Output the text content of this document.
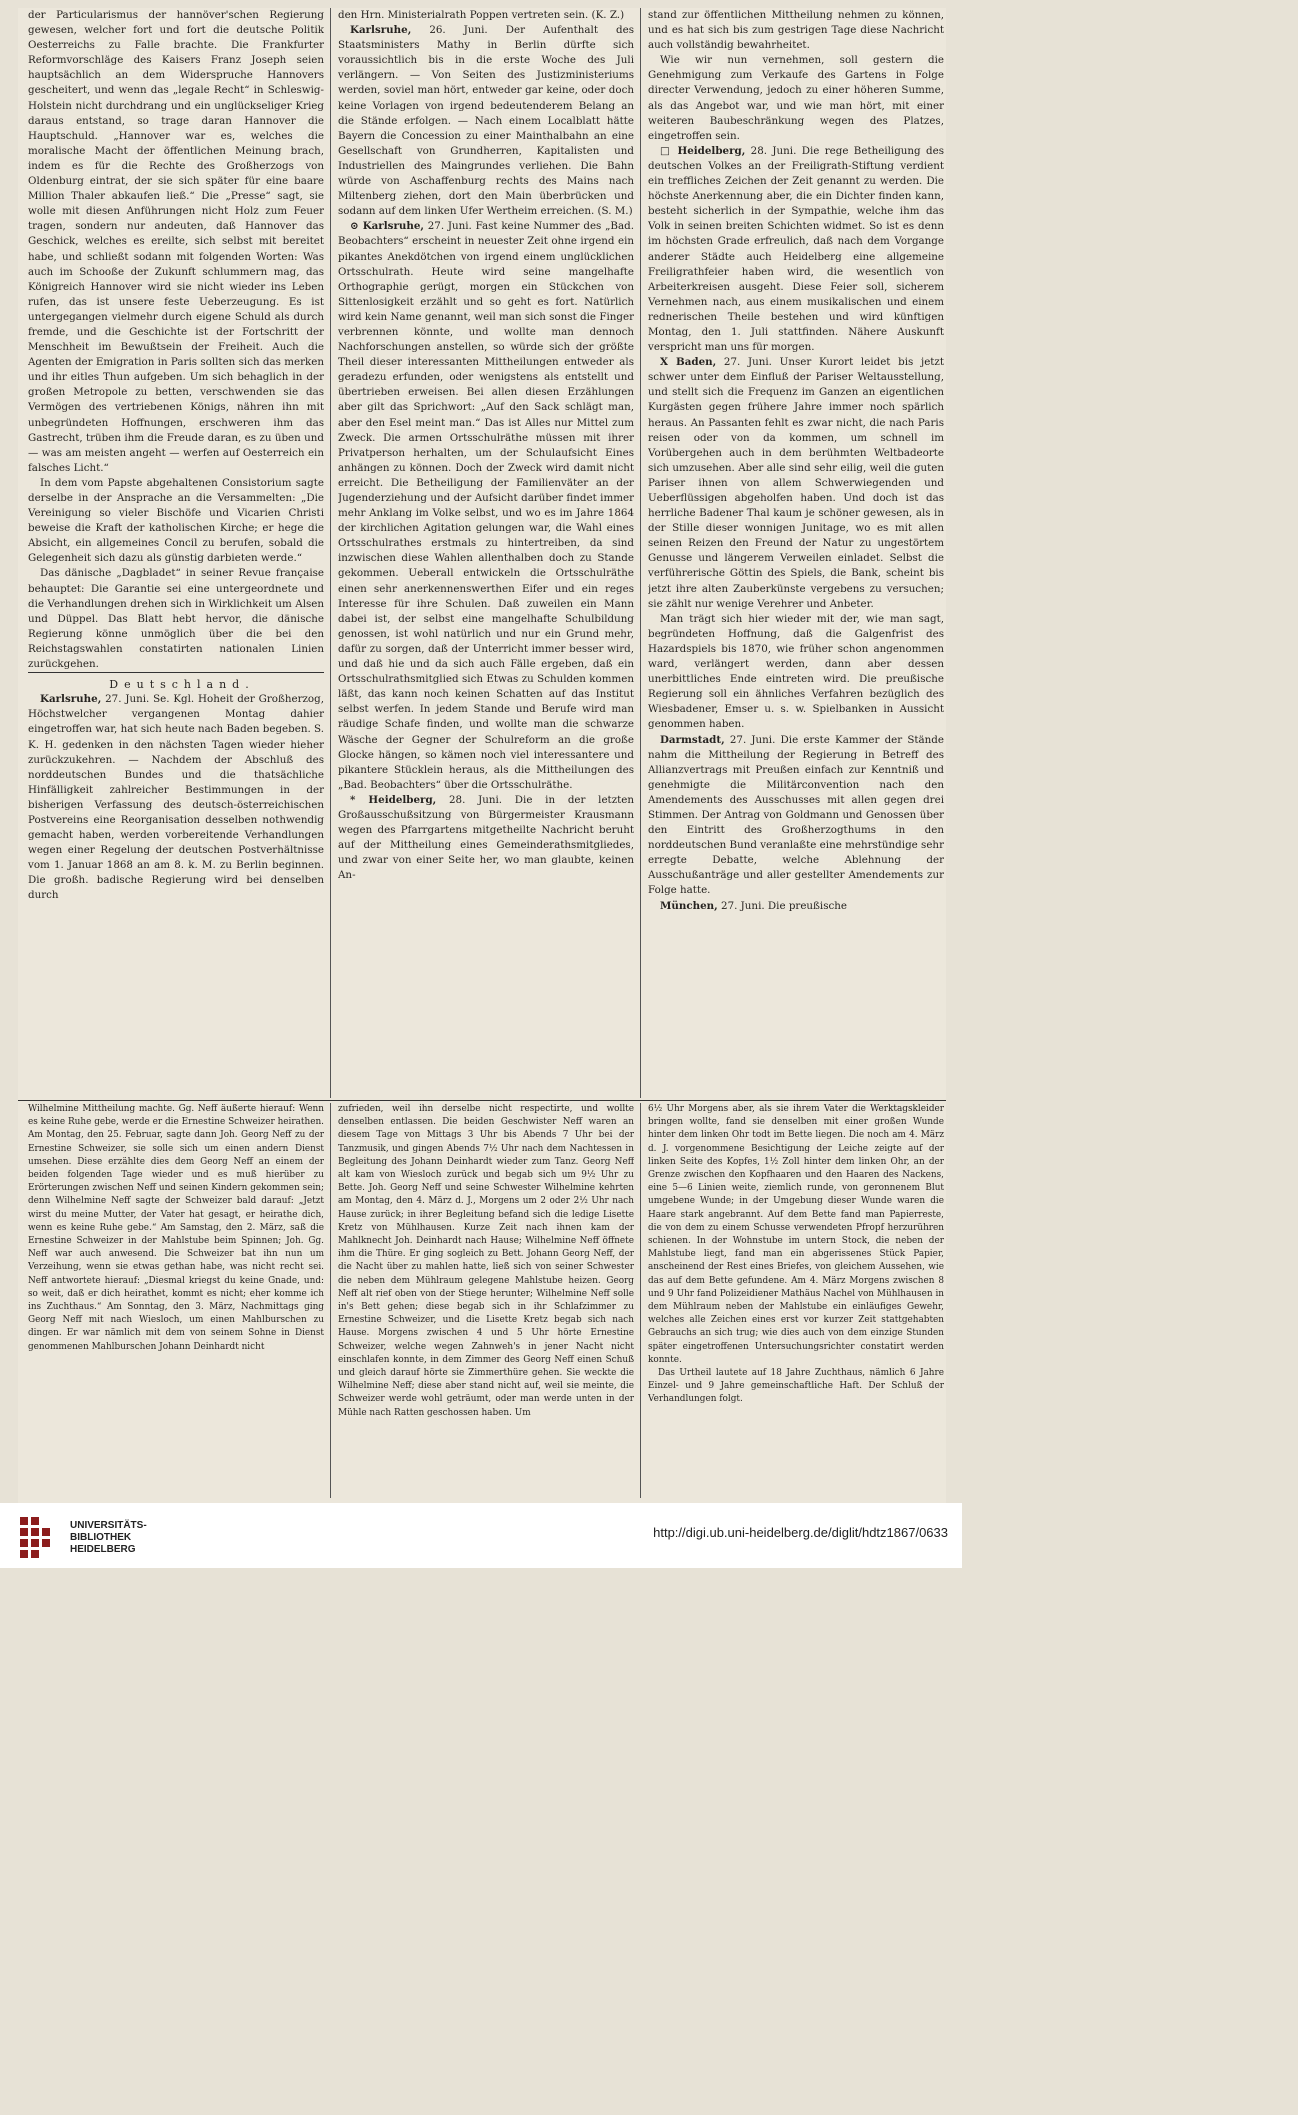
der Particularismus der hannöver'schen Regierung gewesen, welcher fort und fort die deutsche Politik Oesterreichs zu Falle brachte. Die Frankfurter Reformvorschläge des Kaisers Franz Joseph seien hauptsächlich an dem Widerspruche Hannovers gescheitert, und wenn das „legale Recht“ in Schleswig-Holstein nicht durchdrang und ein unglückseliger Krieg daraus entstand, so trage daran Hannover die Hauptschuld. „Hannover war es, welches die moralische Macht der öffentlichen Meinung brach, indem es für die Rechte des Großherzogs von Oldenburg eintrat, der sie sich später für eine baare Million Thaler abkaufen ließ.“ Die „Presse“ sagt, sie wolle mit diesen Anführungen nicht Holz zum Feuer tragen, sondern nur andeuten, daß Hannover das Geschick, welches es ereilte, sich selbst mit bereitet habe, und schließt sodann mit folgenden Worten: Was auch im Schooße der Zukunft schlummern mag, das Königreich Hannover wird sie nicht wieder ins Leben rufen, das ist unsere feste Ueberzeugung. Es ist untergegangen vielmehr durch eigene Schuld als durch fremde, und die Geschichte ist der Fortschritt der Menschheit im Bewußtsein der Freiheit. Auch die Agenten der Emigration in Paris sollten sich das merken und ihr eitles Thun aufgeben. Um sich behaglich in der großen Metropole zu betten, verschwenden sie das Vermögen des vertriebenen Königs, nähren ihn mit unbegründeten Hoffnungen, erschweren ihm das Gastrecht, trüben ihm die Freude daran, es zu üben und — was am meisten angeht — werfen auf Oesterreich ein falsches Licht.“

In dem vom Papste abgehaltenen Consistorium sagte derselbe in der Ansprache an die Versammelten: „Die Vereinigung so vieler Bischöfe und Vicarien Christi beweise die Kraft der katholischen Kirche; er hege die Absicht, ein allgemeines Concil zu berufen, sobald die Gelegenheit sich dazu als günstig darbieten werde.“

Das dänische „Dagbladet“ in seiner Revue française behauptet: Die Garantie sei eine untergeordnete und die Verhandlungen drehen sich in Wirklichkeit um Alsen und Düppel. Das Blatt hebt hervor, die dänische Regierung könne unmöglich über die bei den Reichstagswahlen constatirten nationalen Linien zurückgehen.

Deutschland.

Karlsruhe, 27. Juni. Se. Kgl. Hoheit der Großherzog, Höchstwelcher vergangenen Montag dahier eingetroffen war, hat sich heute nach Baden begeben. S. K. H. gedenken in den nächsten Tagen wieder hieher zurückzukehren. — Nachdem der Abschluß des norddeutschen Bundes und die thatsächliche Hinfälligkeit zahlreicher Bestimmungen in der bisherigen Verfassung des deutsch-österreichischen Postvereins eine Reorganisation desselben nothwendig gemacht haben, werden vorbereitende Verhandlungen wegen einer Regelung der deutschen Postverhältnisse vom 1. Januar 1868 an am 8. k. M. zu Berlin beginnen. Die großh. badische Regierung wird bei denselben durch

den Hrn. Ministerialrath Poppen vertreten sein. (K. Z.)

Karlsruhe, 26. Juni. Der Aufenthalt des Staatsministers Mathy in Berlin dürfte sich voraussichtlich bis in die erste Woche des Juli verlängern. — Von Seiten des Justizministeriums werden, soviel man hört, entweder gar keine, oder doch keine Vorlagen von irgend bedeutenderem Belang an die Stände erfolgen. — Nach einem Localblatt hätte Bayern die Concession zu einer Mainthalbahn an eine Gesellschaft von Grundherren, Kapitalisten und Industriellen des Maingrundes verliehen. Die Bahn würde von Aschaffenburg rechts des Mains nach Miltenberg ziehen, dort den Main überbrücken und sodann auf dem linken Ufer Wertheim erreichen. (S. M.)

⊙ Karlsruhe, 27. Juni. Fast keine Nummer des „Bad. Beobachters“ erscheint in neuester Zeit ohne irgend ein pikantes Anekdötchen von irgend einem unglücklichen Ortsschulrath. Heute wird seine mangelhafte Orthographie gerügt, morgen ein Stückchen von Sittenlosigkeit erzählt und so geht es fort. Natürlich wird kein Name genannt, weil man sich sonst die Finger verbrennen könnte, und wollte man dennoch Nachforschungen anstellen, so würde sich der größte Theil dieser interessanten Mittheilungen entweder als geradezu erfunden, oder wenigstens als entstellt und übertrieben erweisen. Bei allen diesen Erzählungen aber gilt das Sprichwort: „Auf den Sack schlägt man, aber den Esel meint man.“ Das ist Alles nur Mittel zum Zweck. Die armen Ortsschulräthe müssen mit ihrer Privatperson herhalten, um der Schulaufsicht Eines anhängen zu können. Doch der Zweck wird damit nicht erreicht. Die Betheiligung der Familienväter an der Jugenderziehung und der Aufsicht darüber findet immer mehr Anklang im Volke selbst, und wo es im Jahre 1864 der kirchlichen Agitation gelungen war, die Wahl eines Ortsschulrathes erstmals zu hintertreiben, da sind inzwischen diese Wahlen allenthalben doch zu Stande gekommen. Ueberall entwickeln die Ortsschulräthe einen sehr anerkennenswerthen Eifer und ein reges Interesse für ihre Schulen. Daß zuweilen ein Mann dabei ist, der selbst eine mangelhafte Schulbildung genossen, ist wohl natürlich und nur ein Grund mehr, dafür zu sorgen, daß der Unterricht immer besser wird, und daß hie und da sich auch Fälle ergeben, daß ein Ortsschulrathsmitglied sich Etwas zu Schulden kommen läßt, das kann noch keinen Schatten auf das Institut selbst werfen. In jedem Stande und Berufe wird man räudige Schafe finden, und wollte man die schwarze Wäsche der Gegner der Schulreform an die große Glocke hängen, so kämen noch viel interessantere und pikantere Stücklein heraus, als die Mittheilungen des „Bad. Beobachters“ über die Ortsschulräthe.

* Heidelberg, 28. Juni. Die in der letzten Großausschußsitzung von Bürgermeister Krausmann wegen des Pfarrgartens mitgetheilte Nachricht beruht auf der Mittheilung eines Gemeinderathsmitgliedes, und zwar von einer Seite her, wo man glaubte, keinen An-

stand zur öffentlichen Mittheilung nehmen zu können, und es hat sich bis zum gestrigen Tage diese Nachricht auch vollständig bewahrheitet.

Wie wir nun vernehmen, soll gestern die Genehmigung zum Verkaufe des Gartens in Folge directer Verwendung, jedoch zu einer höheren Summe, als das Angebot war, und wie man hört, mit einer weiteren Baubeschränkung wegen des Platzes, eingetroffen sein.

□ Heidelberg, 28. Juni. Die rege Betheiligung des deutschen Volkes an der Freiligrath-Stiftung verdient ein treffliches Zeichen der Zeit genannt zu werden. Die höchste Anerkennung aber, die ein Dichter finden kann, besteht sicherlich in der Sympathie, welche ihm das Volk in seinen breiten Schichten widmet. So ist es denn im höchsten Grade erfreulich, daß nach dem Vorgange anderer Städte auch Heidelberg eine allgemeine Freiligrathfeier haben wird, die wesentlich von Arbeiterkreisen ausgeht. Diese Feier soll, sicherem Vernehmen nach, aus einem musikalischen und einem rednerischen Theile bestehen und wird künftigen Montag, den 1. Juli stattfinden. Nähere Auskunft verspricht man uns für morgen.

X Baden, 27. Juni. Unser Kurort leidet bis jetzt schwer unter dem Einfluß der Pariser Weltausstellung, und stellt sich die Frequenz im Ganzen an eigentlichen Kurgästen gegen frühere Jahre immer noch spärlich heraus. An Passanten fehlt es zwar nicht, die nach Paris reisen oder von da kommen, um schnell im Vorübergehen auch in dem berühmten Weltbadeorte sich umzusehen. Aber alle sind sehr eilig, weil die guten Pariser ihnen von allem Schwerwiegenden und Ueberflüssigen abgeholfen haben. Und doch ist das herrliche Badener Thal kaum je schöner gewesen, als in der Stille dieser wonnigen Junitage, wo es mit allen seinen Reizen den Freund der Natur zu ungestörtem Genusse und längerem Verweilen einladet. Selbst die verführerische Göttin des Spiels, die Bank, scheint bis jetzt ihre alten Zauberkünste vergebens zu versuchen; sie zählt nur wenige Verehrer und Anbeter.

Man trägt sich hier wieder mit der, wie man sagt, begründeten Hoffnung, daß die Galgenfrist des Hazardspiels bis 1870, wie früher schon angenommen ward, verlängert werden, dann aber dessen unerbittliches Ende eintreten wird. Die preußische Regierung soll ein ähnliches Verfahren bezüglich des Wiesbadener, Emser u. s. w. Spielbanken in Aussicht genommen haben.

Darmstadt, 27. Juni. Die erste Kammer der Stände nahm die Mittheilung der Regierung in Betreff des Allianzvertrags mit Preußen einfach zur Kenntniß und genehmigte die Militärconvention nach den Amendements des Ausschusses mit allen gegen drei Stimmen. Der Antrag von Goldmann und Genossen über den Eintritt des Großherzogthums in den norddeutschen Bund veranlaßte eine mehrstündige sehr erregte Debatte, welche Ablehnung der Ausschußanträge und aller gestellter Amendements zur Folge hatte.

München, 27. Juni. Die preußische

Wilhelmine Mittheilung machte. Gg. Neff äußerte hierauf: Wenn es keine Ruhe gebe, werde er die Ernestine Schweizer heirathen. Am Montag, den 25. Februar, sagte dann Joh. Georg Neff zu der Ernestine Schweizer, sie solle sich um einen andern Dienst umsehen. Diese erzählte dies dem Georg Neff an einem der beiden folgenden Tage wieder und es muß hierüber zu Erörterungen zwischen Neff und seinen Kindern gekommen sein; denn Wilhelmine Neff sagte der Schweizer bald darauf: „Jetzt wirst du meine Mutter, der Vater hat gesagt, er heirathe dich, wenn es keine Ruhe gebe.“ Am Samstag, den 2. März, saß die Ernestine Schweizer in der Mahlstube beim Spinnen; Joh. Gg. Neff war auch anwesend. Die Schweizer bat ihn nun um Verzeihung, wenn sie etwas gethan habe, was nicht recht sei. Neff antwortete hierauf: „Diesmal kriegst du keine Gnade, und: so weit, daß er dich heirathet, kommt es nicht; eher komme ich ins Zuchthaus.“ Am Sonntag, den 3. März, Nachmittags ging Georg Neff mit nach Wiesloch, um einen Mahlburschen zu dingen. Er war nämlich mit dem von seinem Sohne in Dienst genommenen Mahlburschen Johann Deinhardt nicht

zufrieden, weil ihn derselbe nicht respectirte, und wollte denselben entlassen. Die beiden Geschwister Neff waren an diesem Tage von Mittags 3 Uhr bis Abends 7 Uhr bei der Tanzmusik, und gingen Abends 7½ Uhr nach dem Nachtessen in Begleitung des Johann Deinhardt wieder zum Tanz. Georg Neff alt kam von Wiesloch zurück und begab sich um 9½ Uhr zu Bette. Joh. Georg Neff und seine Schwester Wilhelmine kehrten am Montag, den 4. März d. J., Morgens um 2 oder 2½ Uhr nach Hause zurück; in ihrer Begleitung befand sich die ledige Lisette Kretz von Mühlhausen. Kurze Zeit nach ihnen kam der Mahlknecht Joh. Deinhardt nach Hause; Wilhelmine Neff öffnete ihm die Thüre. Er ging sogleich zu Bett. Johann Georg Neff, der die Nacht über zu mahlen hatte, ließ sich von seiner Schwester die neben dem Mühlraum gelegene Mahlstube heizen. Georg Neff alt rief oben von der Stiege herunter; Wilhelmine Neff solle in's Bett gehen; diese begab sich in ihr Schlafzimmer zu Ernestine Schweizer, und die Lisette Kretz begab sich nach Hause. Morgens zwischen 4 und 5 Uhr hörte Ernestine Schweizer, welche wegen Zahnweh's in jener Nacht nicht einschlafen konnte, in dem Zimmer des Georg Neff einen Schuß und gleich darauf hörte sie Zimmerthüre gehen. Sie weckte die Wilhelmine Neff; diese aber stand nicht auf, weil sie meinte, die Schweizer werde wohl geträumt, oder man werde unten in der Mühle nach Ratten geschossen haben. Um

6½ Uhr Morgens aber, als sie ihrem Vater die Werktagskleider bringen wollte, fand sie denselben mit einer großen Wunde hinter dem linken Ohr todt im Bette liegen. Die noch am 4. März d. J. vorgenommene Besichtigung der Leiche zeigte auf der linken Seite des Kopfes, 1½ Zoll hinter dem linken Ohr, an der Grenze zwischen den Kopfhaaren und den Haaren des Nackens, eine 5—6 Linien weite, ziemlich runde, von geronnenem Blut umgebene Wunde; in der Umgebung dieser Wunde waren die Haare stark angebrannt. Auf dem Bette fand man Papierreste, die von dem zu einem Schusse verwendeten Pfropf herzurühren schienen. In der Wohnstube im untern Stock, die neben der Mahlstube liegt, fand man ein abgerissenes Stück Papier, anscheinend der Rest eines Briefes, von gleichem Aussehen, wie das auf dem Bette gefundene. Am 4. März Morgens zwischen 8 und 9 Uhr fand Polizeidiener Mathäus Nachel von Mühlhausen in dem Mühlraum neben der Mahlstube ein einläufiges Gewehr, welches alle Zeichen eines erst vor kurzer Zeit stattgehabten Gebrauchs an sich trug; wie dies auch von dem einzige Stunden später eingetroffenen Untersuchungsrichter constatirt werden konnte.

Das Urtheil lautete auf 18 Jahre Zuchthaus, nämlich 6 Jahre Einzel- und 9 Jahre gemeinschaftliche Haft. Der Schluß der Verhandlungen folgt.

UNIVERSITÄTS-
BIBLIOTHEK
HEIDELBERG
http://digi.ub.uni-heidelberg.de/diglit/hdtz1867/0633
